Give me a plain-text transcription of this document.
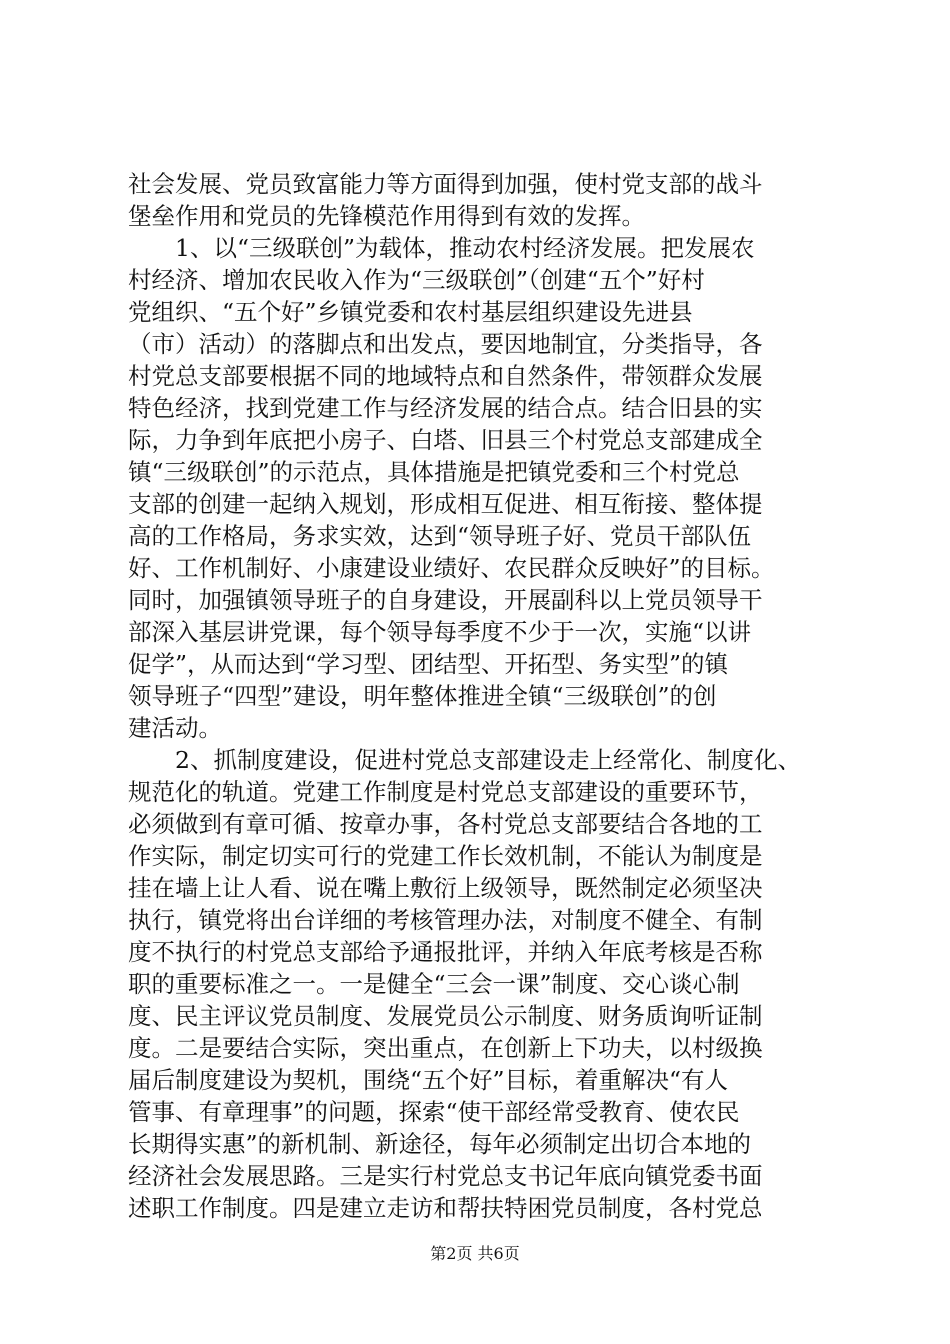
社会发展、党员致富能力等方面得到加强，使村党支部的战斗
堡垒作用和党员的先锋模范作用得到有效的发挥。
1、以“三级联创”为载体，推动农村经济发展。把发展农
村经济、增加农民收入作为“三级联创”（创建“五个”好村
党组织、“五个好”乡镇党委和农村基层组织建设先进县
（市）活动）的落脚点和出发点，要因地制宜，分类指导，各
村党总支部要根据不同的地域特点和自然条件，带领群众发展
特色经济，找到党建工作与经济发展的结合点。结合旧县的实
际，力争到年底把小房子、白塔、旧县三个村党总支部建成全
镇“三级联创”的示范点，具体措施是把镇党委和三个村党总
支部的创建一起纳入规划，形成相互促进、相互衔接、整体提
高的工作格局，务求实效，达到“领导班子好、党员干部队伍
好、工作机制好、小康建设业绩好、农民群众反映好”的目标。
同时，加强镇领导班子的自身建设，开展副科以上党员领导干
部深入基层讲党课，每个领导每季度不少于一次，实施“以讲
促学”，从而达到“学习型、团结型、开拓型、务实型”的镇
领导班子“四型”建设，明年整体推进全镇“三级联创”的创
建活动。
2、抓制度建设，促进村党总支部建设走上经常化、制度化、
规范化的轨道。党建工作制度是村党总支部建设的重要环节，
必须做到有章可循、按章办事，各村党总支部要结合各地的工
作实际，制定切实可行的党建工作长效机制，不能认为制度是
挂在墙上让人看、说在嘴上敷衍上级领导，既然制定必须坚决
执行，镇党将出台详细的考核管理办法，对制度不健全、有制
度不执行的村党总支部给予通报批评，并纳入年底考核是否称
职的重要标准之一。一是健全“三会一课”制度、交心谈心制
度、民主评议党员制度、发展党员公示制度、财务质询听证制
度。二是要结合实际，突出重点，在创新上下功夫，以村级换
届后制度建设为契机，围绕“五个好”目标，着重解决“有人
管事、有章理事”的问题，探索“使干部经常受教育、使农民
长期得实惠”的新机制、新途径，每年必须制定出切合本地的
经济社会发展思路。三是实行村党总支书记年底向镇党委书面
述职工作制度。四是建立走访和帮扶特困党员制度，各村党总
第2页 共6页
